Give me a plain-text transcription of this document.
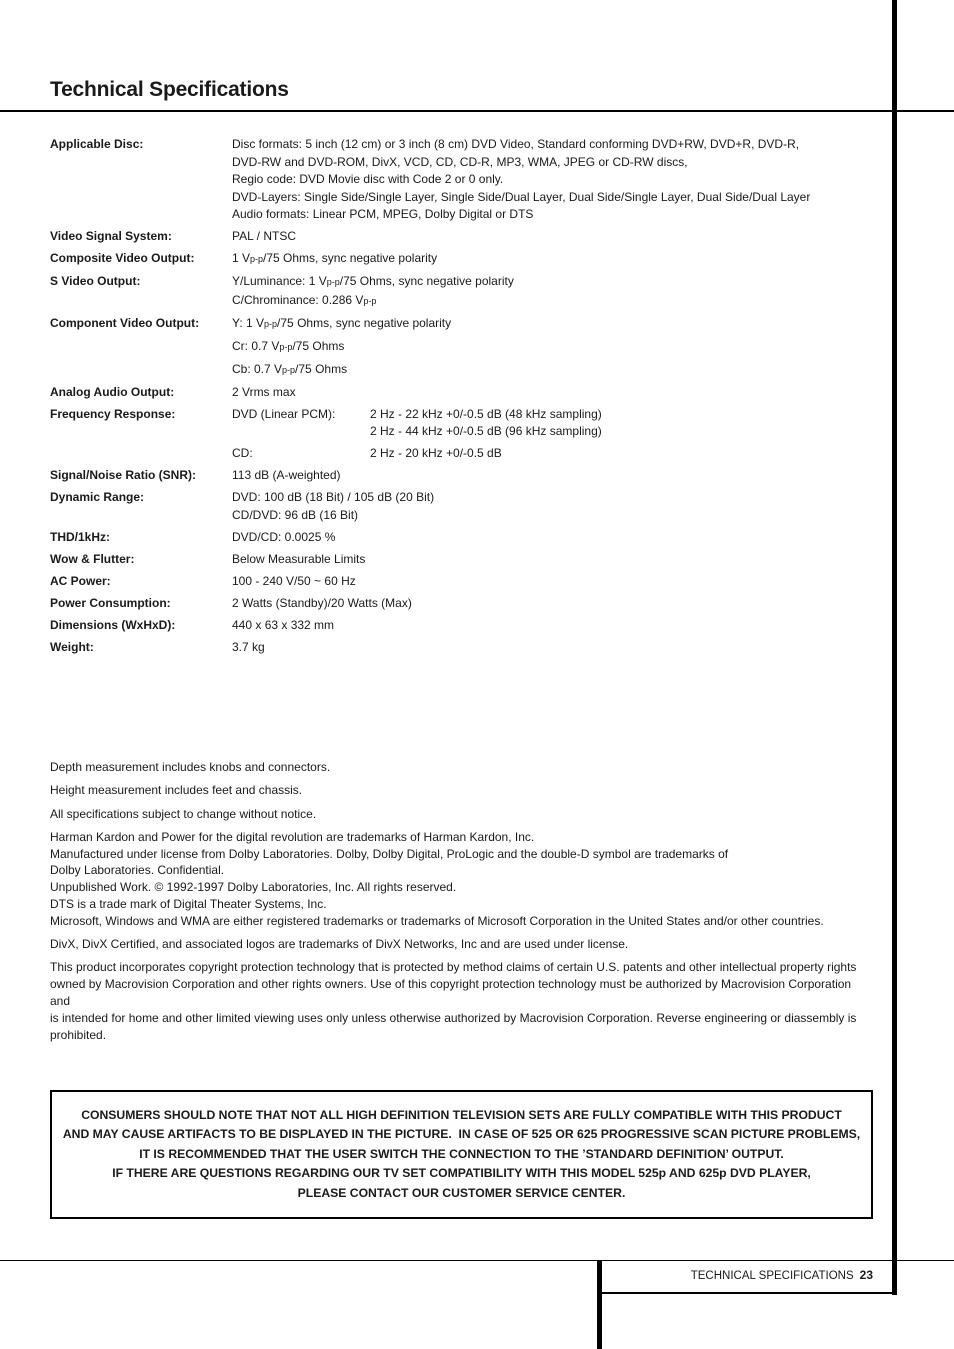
Technical Specifications
Applicable Disc:	Disc formats: 5 inch (12 cm) or 3 inch (8 cm) DVD Video, Standard conforming DVD+RW, DVD+R, DVD-R,
DVD-RW and DVD-ROM, DivX, VCD, CD, CD-R, MP3, WMA, JPEG or CD-RW discs,
Regio code: DVD Movie disc with Code 2 or 0 only.
DVD-Layers: Single Side/Single Layer, Single Side/Dual Layer, Dual Side/Single Layer, Dual Side/Dual Layer
Audio formats: Linear PCM, MPEG, Dolby Digital or DTS
Video Signal System:	PAL / NTSC
Composite Video Output:	1 Vp-p/75 Ohms, sync negative polarity
S Video Output:	Y/Luminance: 1 Vp-p/75 Ohms, sync negative polarity
C/Chrominance: 0.286 Vp-p
Component Video Output:	Y: 1 Vp-p/75 Ohms, sync negative polarity
Cr: 0.7 Vp-p/75 Ohms
Cb: 0.7 Vp-p/75 Ohms
Analog Audio Output:	2 Vrms max
Frequency Response:	DVD (Linear PCM):	2 Hz - 22 kHz +0/-0.5 dB (48 kHz sampling)
2 Hz - 44 kHz +0/-0.5 dB (96 kHz sampling)
CD:	2 Hz - 20 kHz +0/-0.5 dB
Signal/Noise Ratio (SNR):	113 dB (A-weighted)
Dynamic Range:	DVD: 100 dB (18 Bit) / 105 dB (20 Bit)
CD/DVD: 96 dB (16 Bit)
THD/1kHz:	DVD/CD: 0.0025 %
Wow & Flutter:	Below Measurable Limits
AC Power:	100 - 240 V/50 ~ 60 Hz
Power Consumption:	2 Watts (Standby)/20 Watts (Max)
Dimensions (WxHxD):	440 x 63 x 332 mm
Weight:	3.7 kg

Depth measurement includes knobs and connectors.

Height measurement includes feet and chassis.

All specifications subject to change without notice.

Harman Kardon and Power for the digital revolution are trademarks of Harman Kardon, Inc.
Manufactured under license from Dolby Laboratories. Dolby, Dolby Digital, ProLogic and the double-D symbol are trademarks of
Dolby Laboratories. Confidential.
Unpublished Work. © 1992-1997 Dolby Laboratories, Inc. All rights reserved.
DTS is a trade mark of Digital Theater Systems, Inc.
Microsoft, Windows and WMA are either registered trademarks or trademarks of Microsoft Corporation in the United States and/or other countries.

DivX, DivX Certified, and associated logos are trademarks of DivX Networks, Inc and are used under license.

This product incorporates copyright protection technology that is protected by method claims of certain U.S. patents and other intellectual property rights
owned by Macrovision Corporation and other rights owners. Use of this copyright protection technology must be authorized by Macrovision Corporation and
is intended for home and other limited viewing uses only unless otherwise authorized by Macrovision Corporation. Reverse engineering or diassembly is
prohibited.

CONSUMERS SHOULD NOTE THAT NOT ALL HIGH DEFINITION TELEVISION SETS ARE FULLY COMPATIBLE WITH THIS PRODUCT
AND MAY CAUSE ARTIFACTS TO BE DISPLAYED IN THE PICTURE.  IN CASE OF 525 OR 625 PROGRESSIVE SCAN PICTURE PROBLEMS,
IT IS RECOMMENDED THAT THE USER SWITCH THE CONNECTION TO THE ’STANDARD DEFINITION’ OUTPUT.
IF THERE ARE QUESTIONS REGARDING OUR TV SET COMPATIBILITY WITH THIS MODEL 525p AND 625p DVD PLAYER,
PLEASE CONTACT OUR CUSTOMER SERVICE CENTER.
TECHNICAL SPECIFICATIONS 23
